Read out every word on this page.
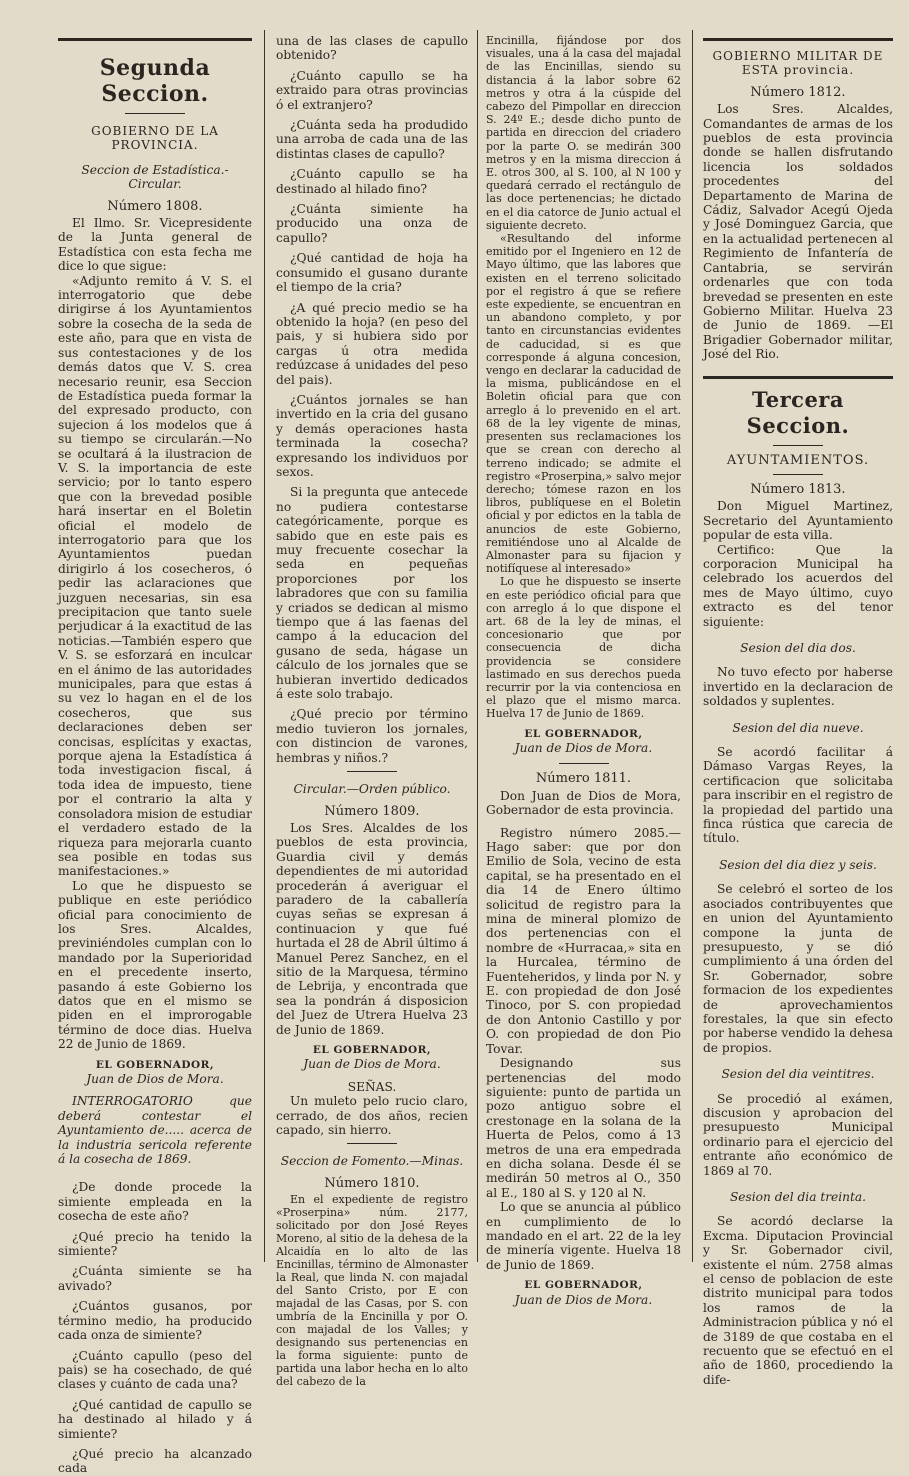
Segunda Seccion.
GOBIERNO DE LA PROVINCIA.
Seccion de Estadística.-Circular.
Número 1808.

El Ilmo. Sr. Vicepresidente de la Junta general de Estadística con esta fecha me dice lo que sigue:

«Adjunto remito á V. S. el interrogatorio que debe dirigirse á los Ayuntamientos sobre la cosecha de la seda de este año, para que en vista de sus contestaciones y de los demás datos que V. S. crea necesario reunir, esa Seccion de Estadística pueda formar la del expresado producto, con sujecion á los modelos que á su tiempo se circularán.—No se ocultará á la ilustracion de V. S. la importancia de este servicio; por lo tanto espero que con la brevedad posible hará insertar en el Boletin oficial el modelo de interrogatorio para que los Ayuntamientos puedan dirigirlo á los cosecheros, ó pedir las aclaraciones que juzguen necesarias, sin esa precipitacion que tanto suele perjudicar á la exactitud de las noticias.—También espero que V. S. se esforzará en inculcar en el ánimo de las autoridades municipales, para que estas á su vez lo hagan en el de los cosecheros, que sus declaraciones deben ser concisas, esplícitas y exactas, porque ajena la Estadística á toda investigacion fiscal, á toda idea de impuesto, tiene por el contrario la alta y consoladora mision de estudiar el verdadero estado de la riqueza para mejorarla cuanto sea posible en todas sus manifestaciones.»

Lo que he dispuesto se publique en este periódico oficial para conocimiento de los Sres. Alcaldes, previniéndoles cumplan con lo mandado por la Superioridad en el precedente inserto, pasando á este Gobierno los datos que en el mismo se piden en el improrogable término de doce dias. Huelva 22 de Junio de 1869.

EL GOBERNADOR,
Juan de Dios de Mora.

INTERROGATORIO que deberá contestar el Ayuntamiento de..... acerca de la industria sericola referente á la cosecha de 1869.

¿De donde procede la simiente empleada en la cosecha de este año?

¿Qué precio ha tenido la simiente?

¿Cuánta simiente se ha avivado?

¿Cuántos gusanos, por término medio, ha producido cada onza de simiente?

¿Cuánto capullo (peso del pais) se ha cosechado, de qué clases y cuánto de cada una?

¿Qué cantidad de capullo se ha destinado al hilado y á simiente?

¿Qué precio ha alcanzado cada

una de las clases de capullo obtenido?

¿Cuánto capullo se ha extraido para otras provincias ó el extranjero?

¿Cuánta seda ha produdido una arroba de cada una de las distintas clases de capullo?

¿Cuánto capullo se ha destinado al hilado fino?

¿Cuánta simiente ha producido una onza de capullo?

¿Qué cantidad de hoja ha consumido el gusano durante el tiempo de la cria?

¿A qué precio medio se ha obtenido la hoja? (en peso del pais, y si hubiera sido por cargas ú otra medida redúzcase á unidades del peso del pais).

¿Cuántos jornales se han invertido en la cria del gusano y demás operaciones hasta terminada la cosecha? expresando los individuos por sexos.

Si la pregunta que antecede no pudiera contestarse categóricamente, porque es sabido que en este pais es muy frecuente cosechar la seda en pequeñas proporciones por los labradores que con su familia y criados se dedican al mismo tiempo que á las faenas del campo á la educacion del gusano de seda, hágase un cálculo de los jornales que se hubieran invertido dedicados á este solo trabajo.

¿Qué precio por término medio tuvieron los jornales, con distincion de varones, hembras y niños.?

Circular.—Orden público.
Número 1809.

Los Sres. Alcaldes de los pueblos de esta provincia, Guardia civil y demás dependientes de mi autoridad procederán á averiguar el paradero de la caballería cuyas señas se expresan á continuacion y que fué hurtada el 28 de Abril último á Manuel Perez Sanchez, en el sitio de la Marquesa, término de Lebrija, y encontrada que sea la pondrán á disposicion del Juez de Utrera Huelva 23 de Junio de 1869.

EL GOBERNADOR,
Juan de Dios de Mora.
SEÑAS.

Un muleto pelo rucio claro, cerrado, de dos años, recien capado, sin hierro.

Seccion de Fomento.—Minas.
Número 1810.

En el expediente de registro «Proserpina» núm. 2177, solicitado por don José Reyes Moreno, al sitio de la dehesa de la Alcaidía en lo alto de las Encinillas, término de Almonaster la Real, que linda N. con majadal del Santo Cristo, por E con majadal de las Casas, por S. con umbría de la Encinilla y por O. con majadal de los Valles; y designando sus pertenencias en la forma siguiente: punto de partida una labor hecha en lo alto del cabezo de la

Encinilla, fijándose por dos visuales, una á la casa del majadal de las Encinillas, siendo su distancia á la labor sobre 62 metros y otra á la cúspide del cabezo del Pimpollar en direccion S. 24º E.; desde dicho punto de partida en direccion del criadero por la parte O. se medirán 300 metros y en la misma direccion á E. otros 300, al S. 100, al N 100 y quedará cerrado el rectángulo de las doce pertenencias; he dictado en el dia catorce de Junio actual el siguiente decreto.

«Resultando del informe emitido por el Ingeniero en 12 de Mayo último, que las labores que existen en el terreno solicitado por el registro á que se refiere este expediente, se encuentran en un abandono completo, y por tanto en circunstancias evidentes de caducidad, si es que corresponde á alguna concesion, vengo en declarar la caducidad de la misma, publicándose en el Boletin oficial para que con arreglo á lo prevenido en el art. 68 de la ley vigente de minas, presenten sus reclamaciones los que se crean con derecho al terreno indicado; se admite el registro «Proserpina,» salvo mejor derecho; tómese razon en los libros, publíquese en el Boletin oficial y por edictos en la tabla de anuncios de este Gobierno, remitiéndose uno al Alcalde de Almonaster para su fijacion y notifíquese al interesado»

Lo que he dispuesto se inserte en este periódico oficial para que con arreglo á lo que dispone el art. 68 de la ley de minas, el concesionario que por consecuencia de dicha providencia se considere lastimado en sus derechos pueda recurrir por la via contenciosa en el plazo que el mismo marca. Huelva 17 de Junio de 1869.

EL GOBERNADOR,
Juan de Dios de Mora.
Número 1811.

Don Juan de Dios de Mora, Gobernador de esta provincia.

Registro número 2085.—Hago saber: que por don Emilio de Sola, vecino de esta capital, se ha presentado en el dia 14 de Enero último solicitud de registro para la mina de mineral plomizo de dos pertenencias con el nombre de «Hurracaa,» sita en la Hurcalea, término de Fuenteheridos, y linda por N. y E. con propiedad de don José Tinoco, por S. con propiedad de don Antonio Castillo y por O. con propiedad de don Pio Tovar.

Designando sus pertenencias del modo siguiente: punto de partida un pozo antiguo sobre el crestonage en la solana de la Huerta de Pelos, como á 13 metros de una era empedrada en dicha solana. Desde él se medirán 50 metros al O., 350 al E., 180 al S. y 120 al N.

Lo que se anuncia al público en cumplimiento de lo mandado en el art. 22 de la ley de minería vigente. Huelva 18 de Junio de 1869.

EL GOBERNADOR,
Juan de Dios de Mora.
GOBIERNO MILITAR DE ESTA provincia.
Número 1812.

Los Sres. Alcaldes, Comandantes de armas de los pueblos de esta provincia donde se hallen disfrutando licencia los soldados procedentes del Departamento de Marina de Cádiz, Salvador Acegú Ojeda y José Dominguez Garcia, que en la actualidad pertenecen al Regimiento de Infantería de Cantabria, se servirán ordenarles que con toda brevedad se presenten en este Gobierno Militar. Huelva 23 de Junio de 1869. —El Brigadier Gobernador militar, José del Rio.

Tercera Seccion.
AYUNTAMIENTOS.
Número 1813.

Don Miguel Martinez, Secretario del Ayuntamiento popular de esta villa.

Certifico: Que la corporacion Municipal ha celebrado los acuerdos del mes de Mayo último, cuyo extracto es del tenor siguiente:

Sesion del dia dos.

No tuvo efecto por haberse invertido en la declaracion de soldados y suplentes.

Sesion del dia nueve.

Se acordó facilitar á Dámaso Vargas Reyes, la certificacion que solicitaba para inscribir en el registro de la propiedad del partido una finca rústica que carecia de título.

Sesion del dia diez y seis.

Se celebró el sorteo de los asociados contribuyentes que en union del Ayuntamiento compone la junta de presupuesto, y se dió cumplimiento á una órden del Sr. Gobernador, sobre formacion de los expedientes de aprovechamientos forestales, la que sin efecto por haberse vendido la dehesa de propios.

Sesion del dia veintitres.

Se procedió al exámen, discusion y aprobacion del presupuesto Municipal ordinario para el ejercicio del entrante año económico de 1869 al 70.

Sesion del dia treinta.

Se acordó declarse la Excma. Diputacion Provincial y Sr. Gobernador civil, existente el núm. 2758 almas el censo de poblacion de este distrito municipal para todos los ramos de la Administracion pública y nó el de 3189 de que costaba en el recuento que se efectuó en el año de 1860, procediendo la dife-
